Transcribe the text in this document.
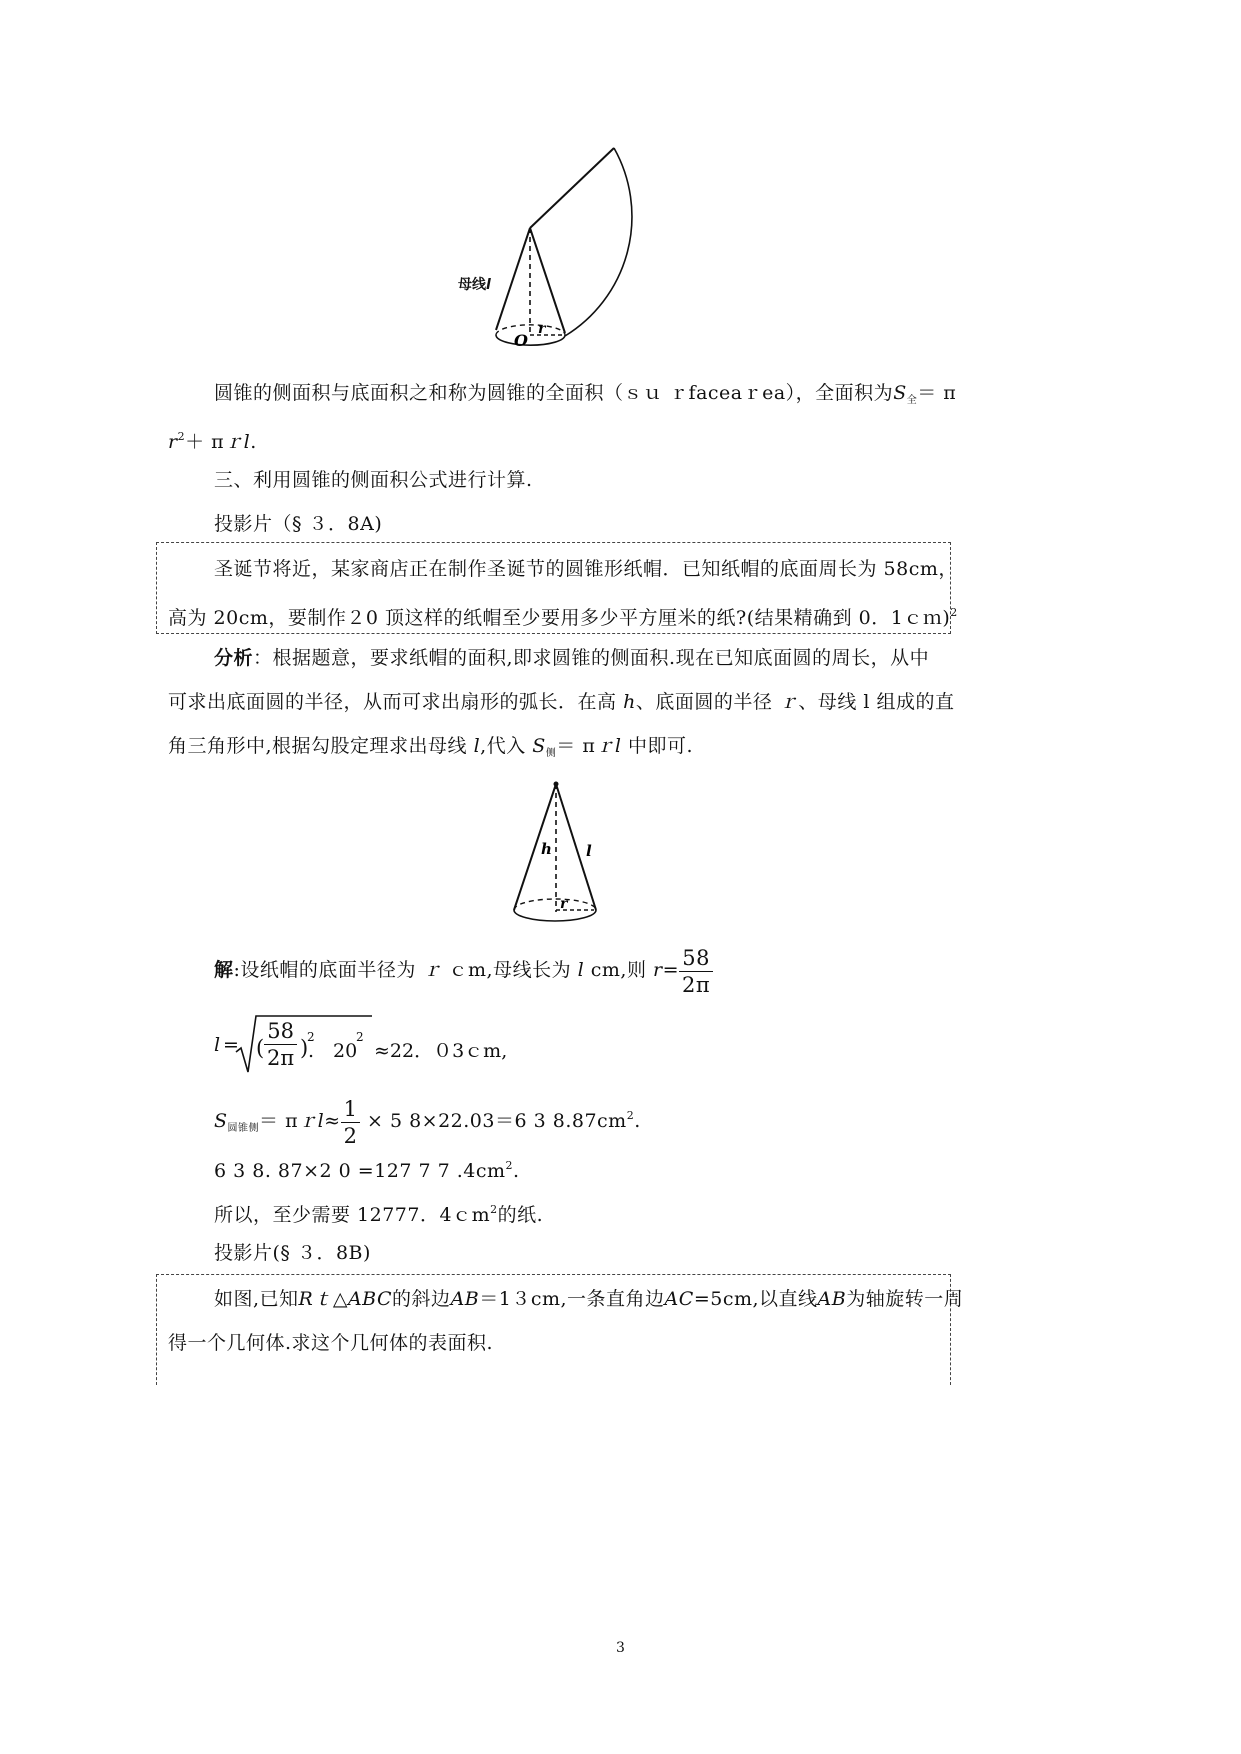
O
r
母线l
圆锥的侧面积与底面积之和称为圆锥的全面积（ｓｕ ｒfaceaｒea），全面积为$S_全= \pi$
$r^2+$ πｒl.
三、利用圆锥的侧面积公式进行计算.
投影片（§ ３．8A)
圣诞节将近，某家商店正在制作圣诞节的圆锥形纸帽．已知纸帽的底面周长为 58cm，
高为 20cm，要制作２0 顶这样的纸帽至少要用多少平方厘米的纸?(结果精确到 0．1ｃｍ)$^2$
分析：根据题意，要求纸帽的面积,即求圆锥的侧面积.现在已知底面圆的周长，从中
可求出底面圆的半径，从而可求出扇形的弧长．在高 h、底面圆的半径 ｒ、母线 l 组成的直
角三角形中,根据勾股定理求出母线 l,代入 $S_侧=$ πｒl 中即可.
h l
r
解:设纸帽的底面半径为 ｒ ｃm,母线长为 l cm,则 $r= \frac{58}{2\pi}$
l = ( $\frac{58}{2\pi}$ )
2
.　20
2
≈22．０3ｃm,
$S_{圆锥侧}=$ πｒl≈ $\frac{1}{2} \times 5$ 8×22.03＝6 3 $8.87cm^2$.
6 3 8. 87×2 0 =127 7 7 $.4cm^2$.
所以，至少需要 12777．4ｃm$^2$的纸.
投影片(§ ３．8B)
如图,已知Rｔ△ABC的斜边AB＝1３cm,一条直角边AC=5cm,以直线AB为轴旋转一周
得一个几何体.求这个几何体的表面积.
3
